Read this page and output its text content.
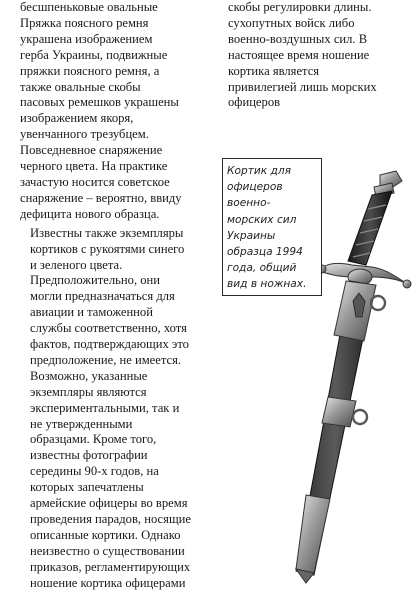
бесшпеньковые овальные
Пряжка поясного ремня
украшена изображением
герба Украины, подвижные
пряжки поясного ремня, а
также овальные скобы
пасовых ремешков украшены
изображением якоря,
увенчанного трезубцем.
Повседневное снаряжение
черного цвета. На практике
зачастую носится советское
снаряжение – вероятно, ввиду
дефицита нового образца.

Известны также экземпляры
кортиков с рукоятями синего
и зеленого цвета.
Предположительно, они
могли предназначаться для
авиации и таможенной
службы соответственно, хотя
фактов, подтверждающих это
предположение, не имеется.
Возможно, указанные
экземпляры являются
экспериментальными, так и
не утвержденными
образцами. Кроме того,
известны фотографии
середины 90-х годов, на
которых запечатлены
армейские офицеры во время
проведения парадов, носящие
описанные кортики. Однако
неизвестно о существовании
приказов, регламентирующих
ношение кортика офицерами

скобы регулировки длины.
сухопутных войск либо
военно-воздушных сил. В
настоящее время ношение
кортика является
привилегией лишь морских
офицеров

Кортик для
офицеров
военно-
морских сил
Украины
образца 1994
года, общий
вид в ножнах.
